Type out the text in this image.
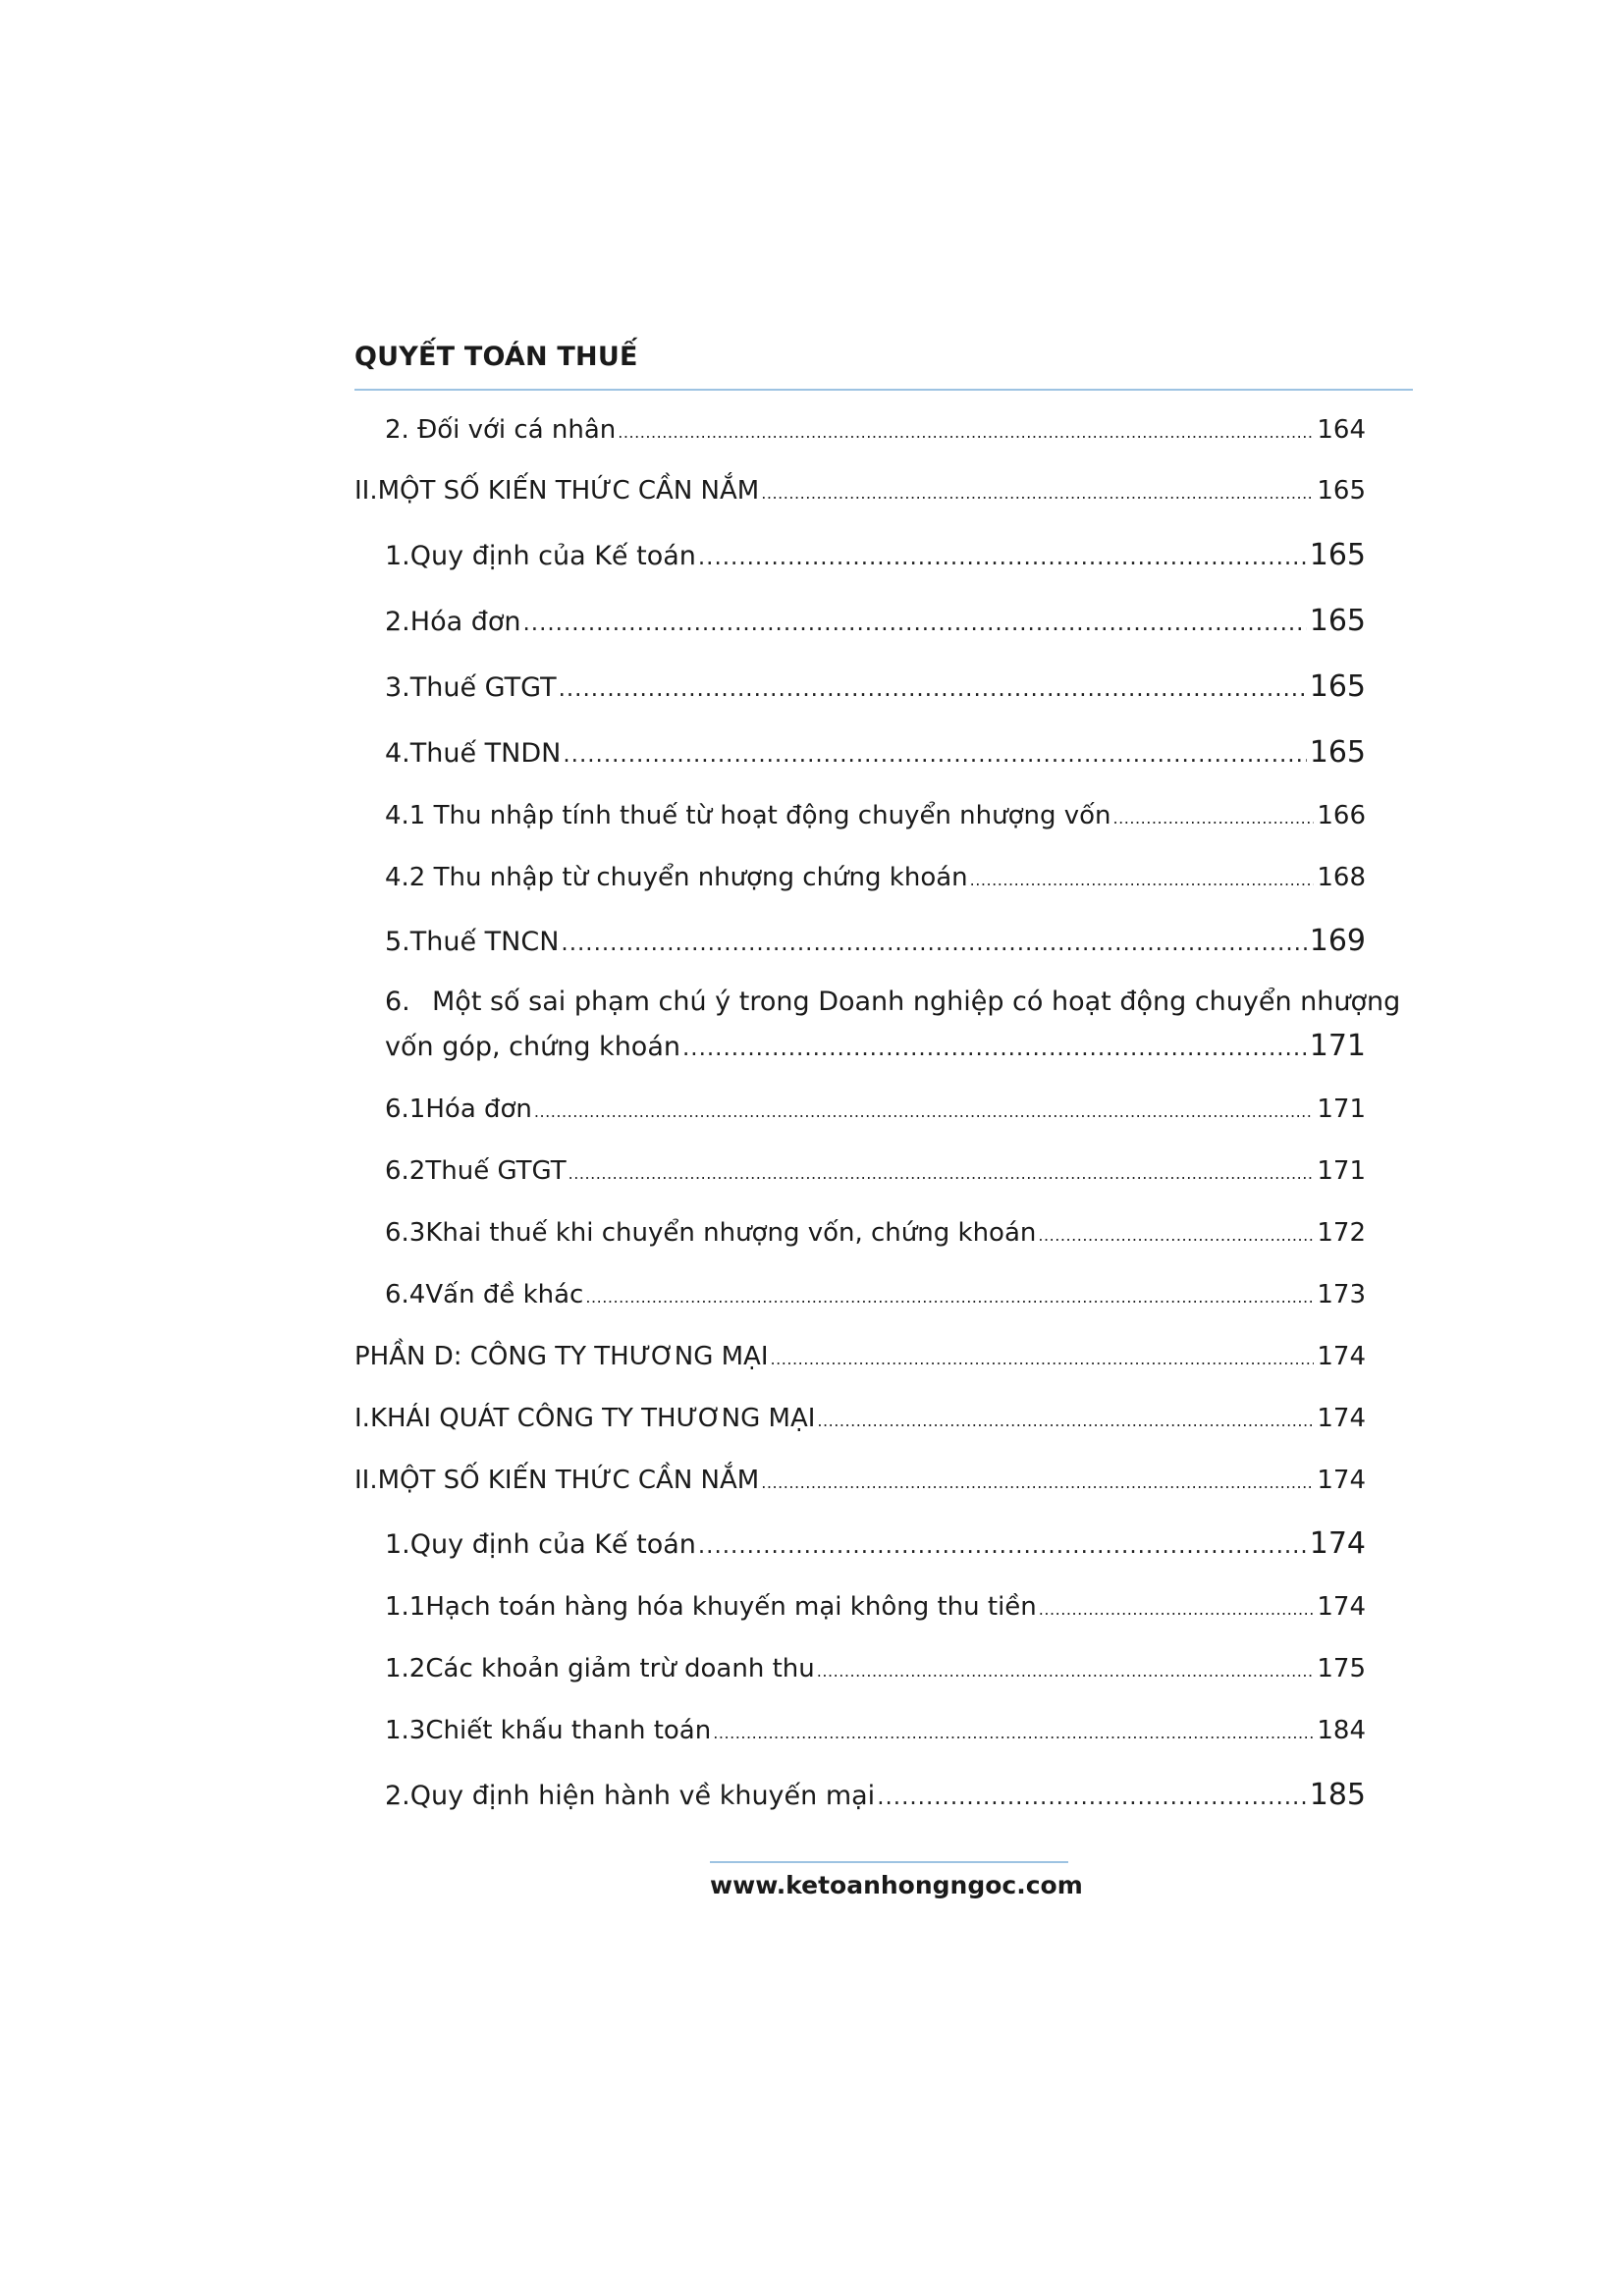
QUYẾT TOÁN THUẾ
2. Đối với cá nhân .....	164
II. MỘT SỐ KIẾN THỨC CẦN NẮM .....	165
1. Quy định của Kế toán .....	165
2. Hóa đơn .....	165
3. Thuế GTGT .....	165
4. Thuế TNDN .....	165
4.1 Thu nhập tính thuế từ hoạt động chuyển nhượng vốn .....	166
4.2 Thu nhập từ chuyển nhượng chứng khoán .....	168
5. Thuế TNCN .....	169
6. Một số sai phạm chú ý trong Doanh nghiệp có hoạt động chuyển nhượng
vốn góp, chứng khoán .....	171
6.1 Hóa đơn .....	171
6.2 Thuế GTGT .....	171
6.3 Khai thuế khi chuyển nhượng vốn, chứng khoán .....	172
6.4 Vấn đề khác .....	173
PHẦN D: CÔNG TY THƯƠNG MẠI .....	174
I. KHÁI QUÁT CÔNG TY THƯƠNG MẠI .....	174
II. MỘT SỐ KIẾN THỨC CẦN NẮM .....	174
1. Quy định của Kế toán .....	174
1.1 Hạch toán hàng hóa khuyến mại không thu tiền .....	174
1.2 Các khoản giảm trừ doanh thu .....	175
1.3 Chiết khấu thanh toán .....	184
2. Quy định hiện hành về khuyến mại .....	185
www.ketoanhongngoc.com
